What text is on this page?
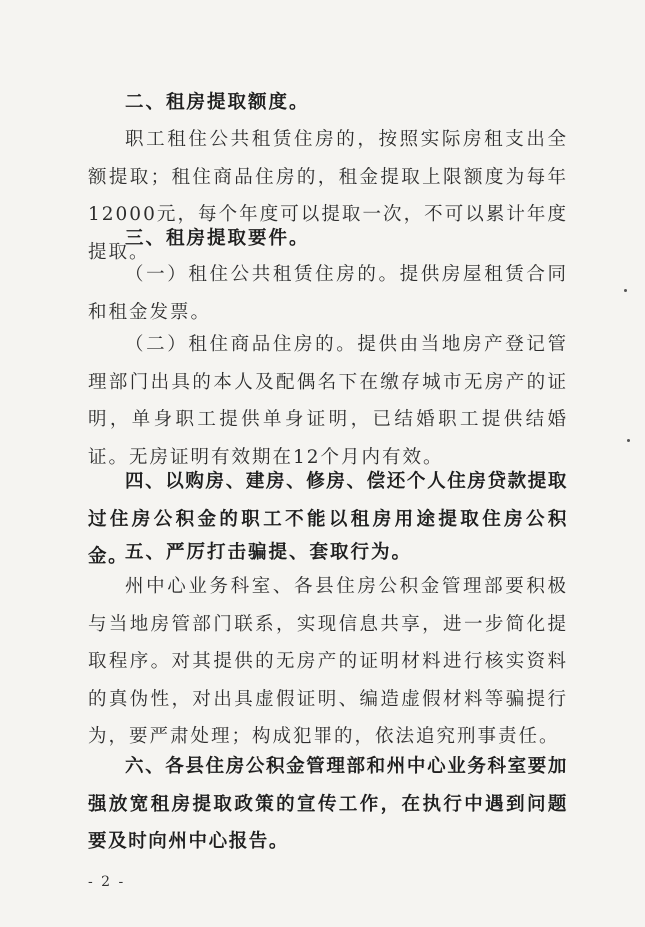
二、租房提取额度。

职工租住公共租赁住房的，按照实际房租支出全额提取；租住商品住房的，租金提取上限额度为每年12000元，每个年度可以提取一次，不可以累计年度提取。

三、租房提取要件。

（一）租住公共租赁住房的。提供房屋租赁合同和租金发票。

（二）租住商品住房的。提供由当地房产登记管理部门出具的本人及配偶名下在缴存城市无房产的证明，单身职工提供单身证明，已结婚职工提供结婚证。无房证明有效期在12个月内有效。

四、以购房、建房、修房、偿还个人住房贷款提取过住房公积金的职工不能以租房用途提取住房公积金。

五、严厉打击骗提、套取行为。

州中心业务科室、各县住房公积金管理部要积极与当地房管部门联系，实现信息共享，进一步简化提取程序。对其提供的无房产的证明材料进行核实资料的真伪性，对出具虚假证明、编造虚假材料等骗提行为，要严肃处理；构成犯罪的，依法追究刑事责任。

六、各县住房公积金管理部和州中心业务科室要加强放宽租房提取政策的宣传工作，在执行中遇到问题要及时向州中心报告。

- 2 -
